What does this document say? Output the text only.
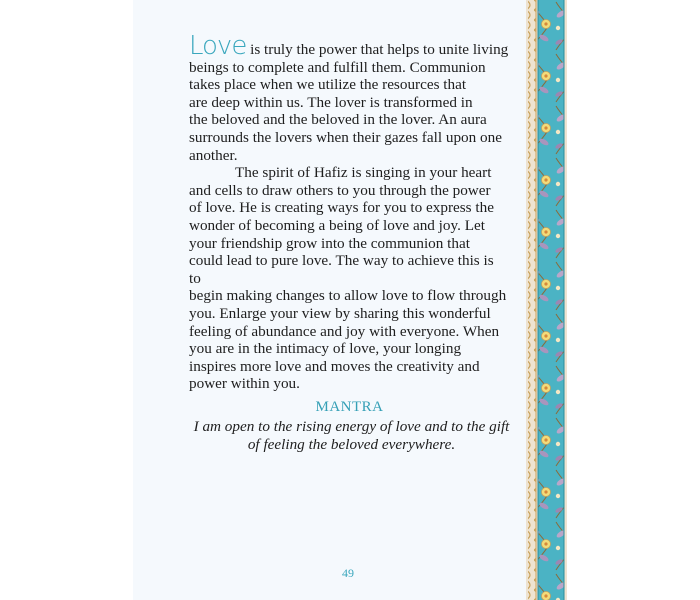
Love is truly the power that helps to unite living
beings to complete and fulfill them. Communion
takes place when we utilize the resources that
are deep within us. The lover is transformed in
the beloved and the beloved in the lover. An aura
surrounds the lovers when their gazes fall upon one
another.

The spirit of Hafiz is singing in your heart
and cells to draw others to you through the power
of love. He is creating ways for you to express the
wonder of becoming a being of love and joy. Let
your friendship grow into the communion that
could lead to pure love. The way to achieve this is to
begin making changes to allow love to flow through
you. Enlarge your view by sharing this wonderful
feeling of abundance and joy with everyone. When
you are in the intimacy of love, your longing
inspires more love and moves the creativity and
power within you.

MANTRA
I am open to the rising energy of love and to the gift
of feeling the beloved everywhere.
49
